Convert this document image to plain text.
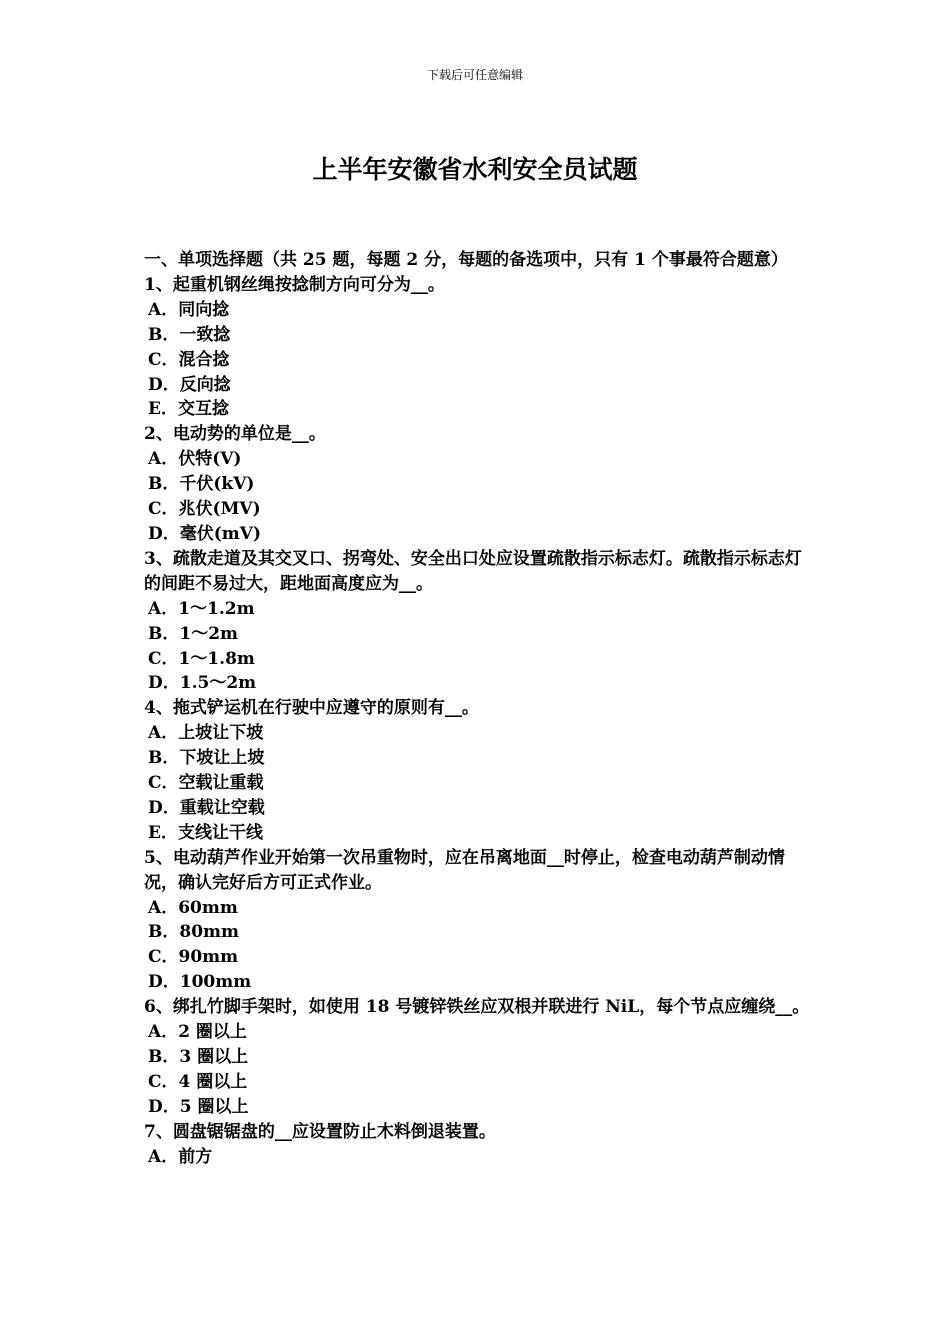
下载后可任意编辑
上半年安徽省水利安全员试题

一、单项选择题（共 25 题，每题 2 分，每题的备选项中，只有 1 个事最符合题意）

1、起重机钢丝绳按捻制方向可分为__。

A．同向捻

B．一致捻

C．混合捻

D．反向捻

E．交互捻

2、电动势的单位是__。

A．伏特(V)

B．千伏(kV)

C．兆伏(MV)

D．毫伏(mV)

3、疏散走道及其交叉口、拐弯处、安全出口处应设置疏散指示标志灯。疏散指示标志灯的间距不易过大，距地面高度应为__。

A．1～1.2m

B．1～2m

C．1～1.8m

D．1.5～2m

4、拖式铲运机在行驶中应遵守的原则有__。

A．上坡让下坡

B．下坡让上坡

C．空载让重载

D．重载让空载

E．支线让干线

5、电动葫芦作业开始第一次吊重物时，应在吊离地面__时停止，检查电动葫芦制动情况，确认完好后方可正式作业。

A．60mm

B．80mm

C．90mm

D．100mm

6、绑扎竹脚手架时，如使用 18 号镀锌铁丝应双根并联进行 NiL，每个节点应缠绕__。

A．2 圈以上

B．3 圈以上

C．4 圈以上

D．5 圈以上

7、圆盘锯锯盘的__应设置防止木料倒退装置。

A．前方
